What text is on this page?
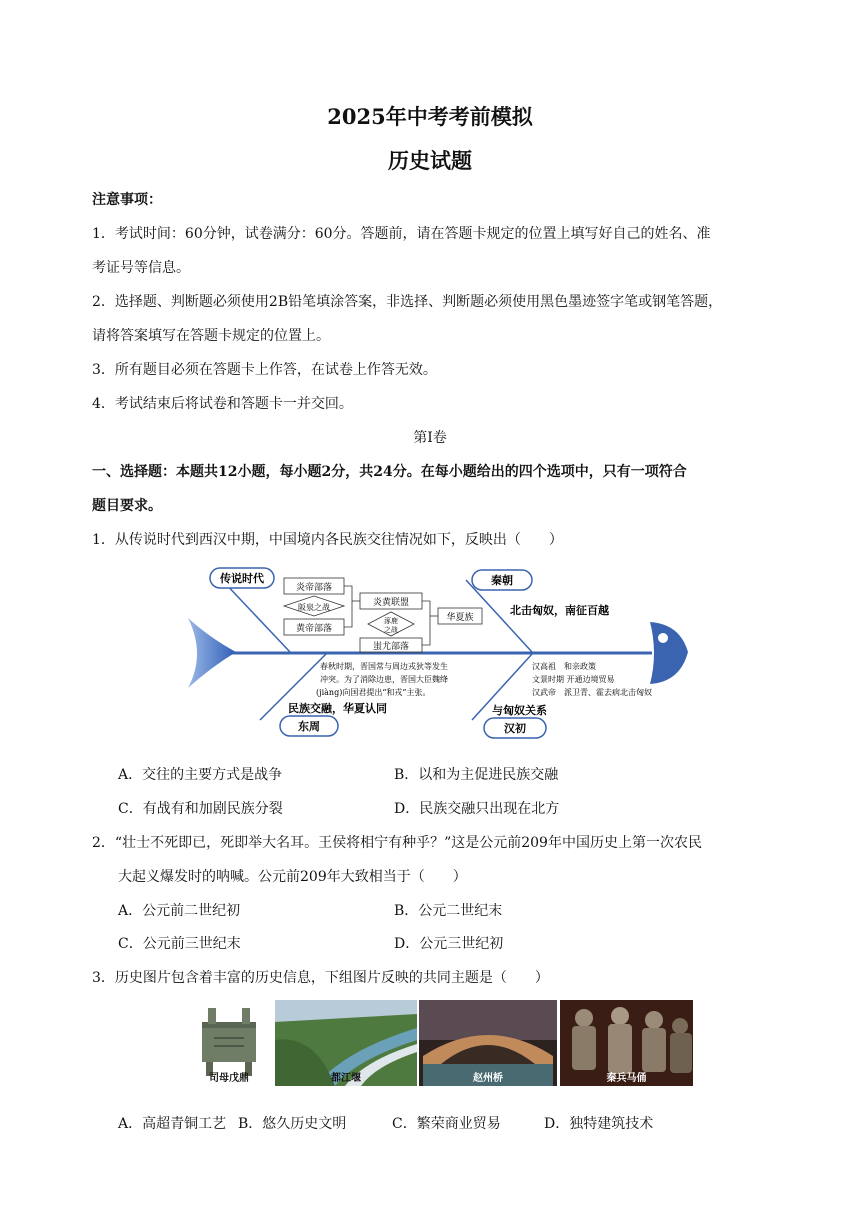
2025年中考考前模拟
历史试题
注意事项：
1．考试时间：60分钟，试卷满分：60分。答题前，请在答题卡规定的位置上填写好自己的姓名、准
考证号等信息。
2．选择题、判断题必须使用2B铅笔填涂答案，非选择、判断题必须使用黑色墨迹签字笔或钢笔答题，
请将答案填写在答题卡规定的位置上。
3．所有题目必须在答题卡上作答，在试卷上作答无效。
4．考试结束后将试卷和答题卡一并交回。
第Ⅰ卷
一、选择题：本题共12小题，每小题2分，共24分。在每小题给出的四个选项中，只有一项符合
题目要求。
1．从传说时代到西汉中期，中国境内各民族交往情况如下，反映出（　　）
传说时代	秦朝
东周	汉初
炎帝部落
阪泉之战
黄帝部落
炎黄联盟
涿鹿
之战
蚩尤部落
华夏族
北击匈奴，南征百越
春秋时期，晋国常与周边戎狄等发生
冲突。为了消除边患，晋国大臣魏绛
(jiàng)向国君提出“和戎”主张。
民族交融，华夏认同
汉高祖　和亲政策
文景时期 开通边境贸易
汉武帝　派卫青、霍去病北击匈奴
与匈奴关系
A．交往的主要方式是战争	B．以和为主促进民族交融
C．有战有和加剧民族分裂	D．民族交融只出现在北方
2．“壮士不死即已，死即举大名耳。王侯将相宁有种乎？”这是公元前209年中国历史上第一次农民
大起义爆发时的呐喊。公元前209年大致相当于（　　）
A．公元前二世纪初	B．公元二世纪末
C．公元前三世纪末	D．公元三世纪初
3．历史图片包含着丰富的历史信息，下组图片反映的共同主题是（　　）
司母戊鼎	都江堰	赵州桥	秦兵马俑
A．高超青铜工艺 B．悠久历史文明	C．繁荣商业贸易	D．独特建筑技术
